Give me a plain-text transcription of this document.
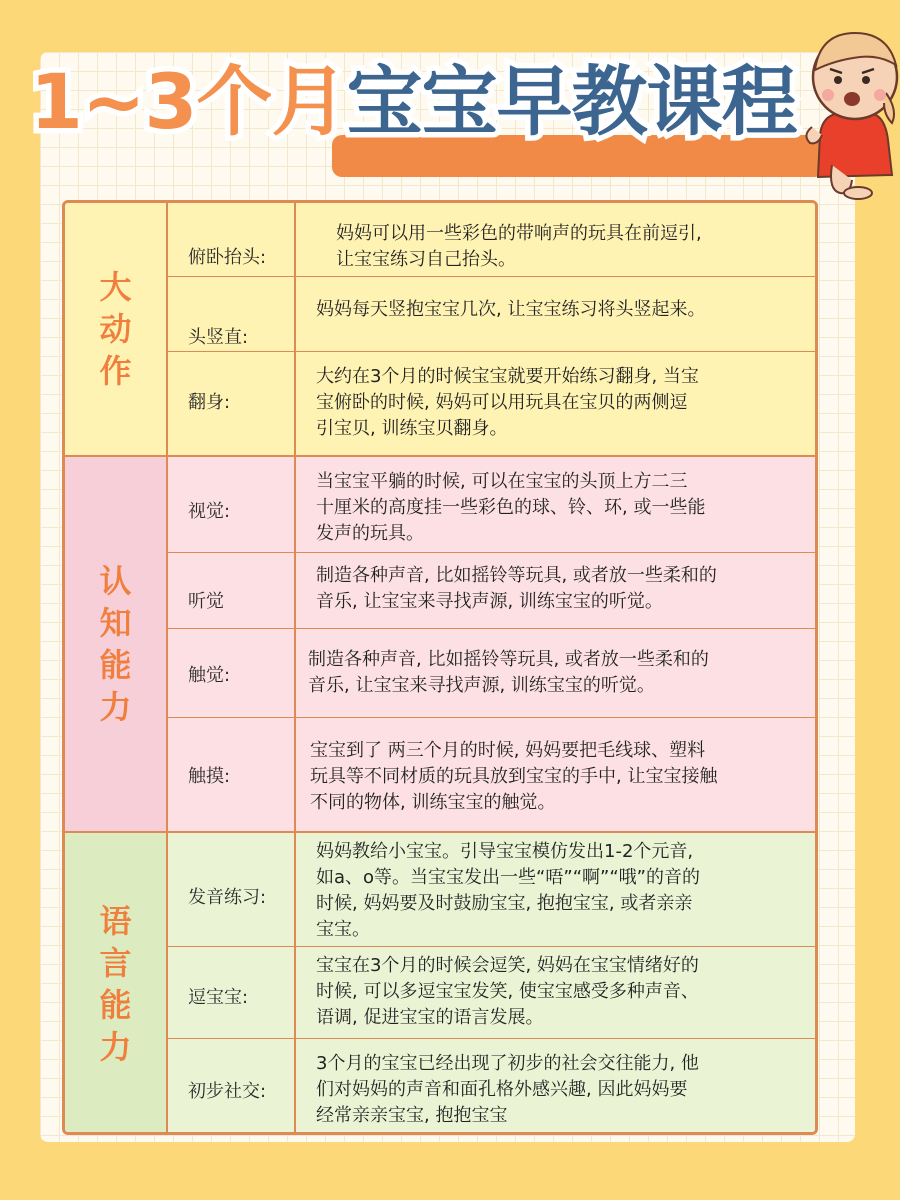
1~3个月宝宝早教课程
大动作
俯卧抬头:
妈妈可以用一些彩色的带响声的玩具在前逗引,
让宝宝练习自己抬头。
头竖直:
妈妈每天竖抱宝宝几次, 让宝宝练习将头竖起来。
翻身:
大约在3个月的时候宝宝就要开始练习翻身, 当宝
宝俯卧的时候, 妈妈可以用玩具在宝贝的两侧逗
引宝贝, 训练宝贝翻身。
认知能力
视觉:
当宝宝平躺的时候, 可以在宝宝的头顶上方二三
十厘米的高度挂一些彩色的球、铃、环, 或一些能
发声的玩具。
听觉
制造各种声音, 比如摇铃等玩具, 或者放一些柔和的
音乐, 让宝宝来寻找声源, 训练宝宝的听觉。
触觉:
制造各种声音, 比如摇铃等玩具, 或者放一些柔和的
音乐, 让宝宝来寻找声源, 训练宝宝的听觉。
触摸:
宝宝到了 两三个月的时候, 妈妈要把毛线球、塑料
玩具等不同材质的玩具放到宝宝的手中, 让宝宝接触
不同的物体, 训练宝宝的触觉。
语言能力
发音练习:
妈妈教给小宝宝。引导宝宝模仿发出1-2个元音,
如a、o等。当宝宝发出一些“唔”“啊”“哦”的音的
时候, 妈妈要及时鼓励宝宝, 抱抱宝宝, 或者亲亲
宝宝。
逗宝宝:
宝宝在3个月的时候会逗笑, 妈妈在宝宝情绪好的
时候, 可以多逗宝宝发笑, 使宝宝感受多种声音、
语调, 促进宝宝的语言发展。
初步社交:
3个月的宝宝已经出现了初步的社会交往能力, 他
们对妈妈的声音和面孔格外感兴趣, 因此妈妈要
经常亲亲宝宝, 抱抱宝宝
